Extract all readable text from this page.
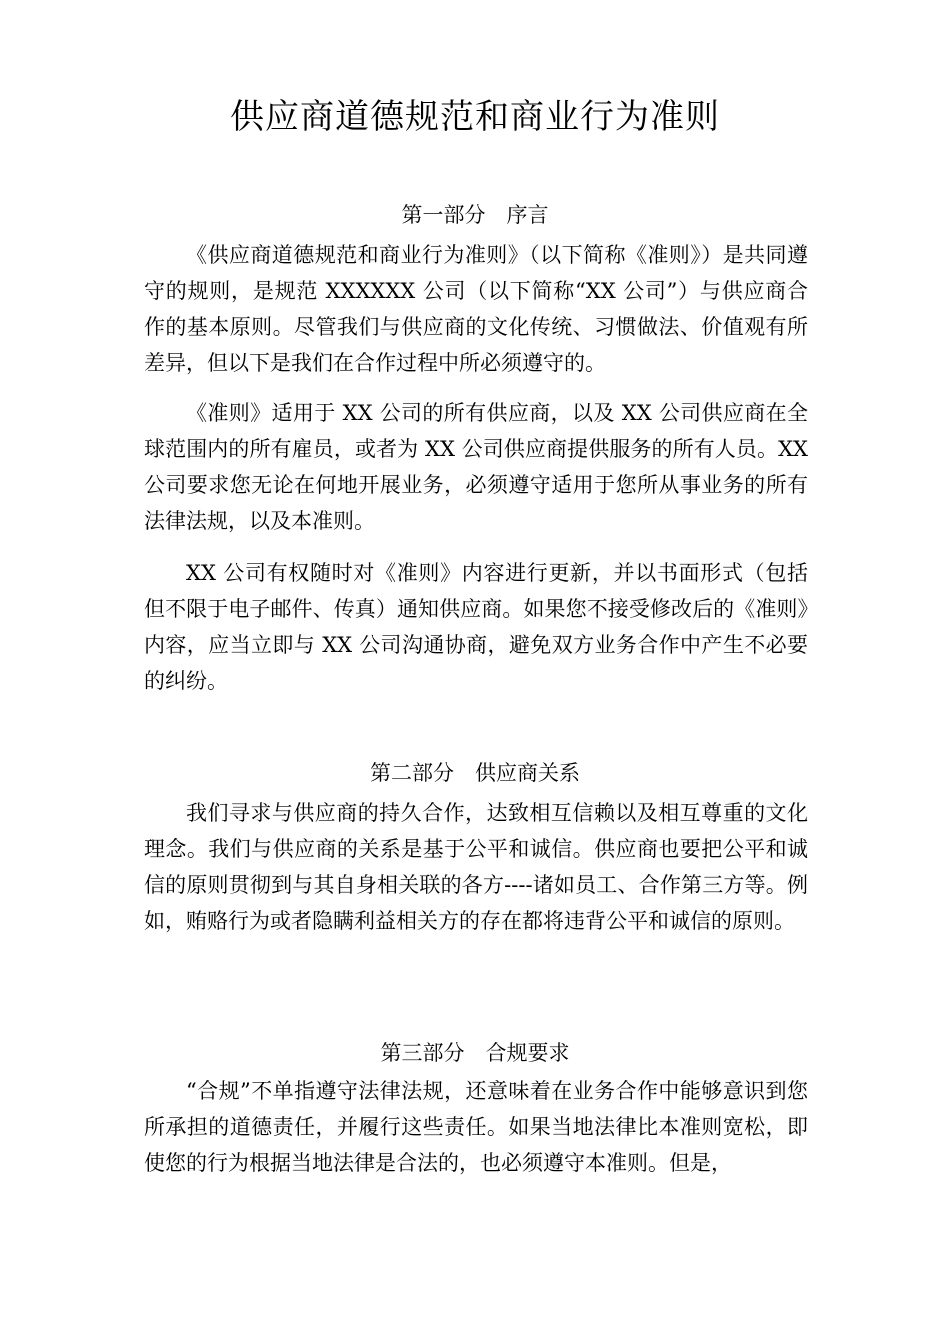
供应商道德规范和商业行为准则
第一部分　序言

《供应商道德规范和商业行为准则》（以下简称《准则》）是共同遵守的规则，是规范 XXXXXX 公司（以下简称“XX 公司”）与供应商合作的基本原则。尽管我们与供应商的文化传统、习惯做法、价值观有所差异，但以下是我们在合作过程中所必须遵守的。

《准则》适用于 XX 公司的所有供应商，以及 XX 公司供应商在全球范围内的所有雇员，或者为 XX 公司供应商提供服务的所有人员。XX 公司要求您无论在何地开展业务，必须遵守适用于您所从事业务的所有法律法规，以及本准则。

XX 公司有权随时对《准则》内容进行更新，并以书面形式（包括但不限于电子邮件、传真）通知供应商。如果您不接受修改后的《准则》内容，应当立即与 XX 公司沟通协商，避免双方业务合作中产生不必要的纠纷。

第二部分　供应商关系

我们寻求与供应商的持久合作，达致相互信赖以及相互尊重的文化理念。我们与供应商的关系是基于公平和诚信。供应商也要把公平和诚信的原则贯彻到与其自身相关联的各方----诸如员工、合作第三方等。例如，贿赂行为或者隐瞒利益相关方的存在都将违背公平和诚信的原则。

第三部分　合规要求

“合规”不单指遵守法律法规，还意味着在业务合作中能够意识到您所承担的道德责任，并履行这些责任。如果当地法律比本准则宽松，即使您的行为根据当地法律是合法的，也必须遵守本准则。但是，
